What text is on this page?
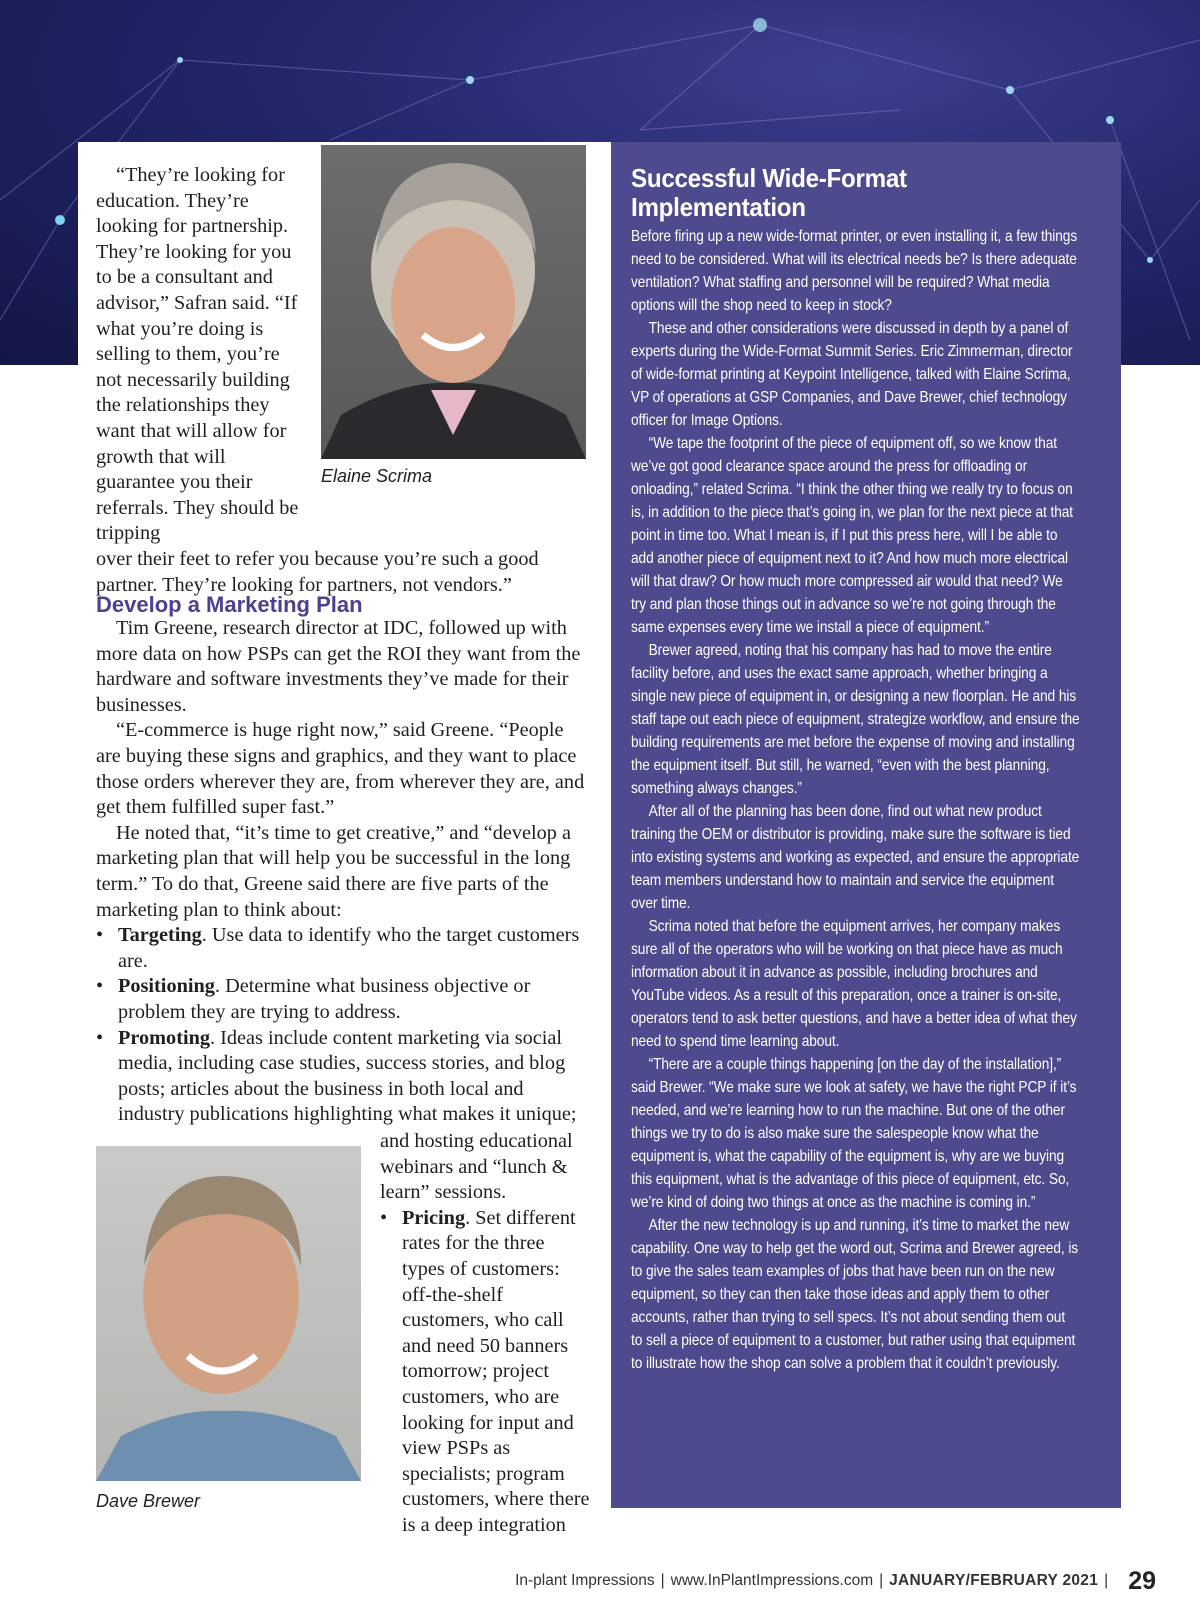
Elaine Scrima

Dave Brewer

“They’re looking for education. They’re looking for partnership. They’re looking for you to be a consultant and advisor,” Safran said. “If what you’re doing is selling to them, you’re not necessarily building the relationships they want that will allow for growth that will guarantee you their referrals. They should be tripping

over their feet to refer you because you’re such a good partner. They’re looking for partners, not vendors.”

Develop a Marketing Plan

Tim Greene, research director at IDC, followed up with more data on how PSPs can get the ROI they want from the hardware and software investments they’ve made for their businesses.

“E-commerce is huge right now,” said Greene. “People are buying these signs and graphics, and they want to place those orders wherever they are, from wherever they are, and get them fulfilled super fast.”

He noted that, “it’s time to get creative,” and “develop a marketing plan that will help you be successful in the long term.” To do that, Greene said there are five parts of the marketing plan to think about:

• Targeting. Use data to identify who the target customers are.
• Positioning. Determine what business objective or problem they are trying to address.
• Promoting. Ideas include content marketing via social media, including case studies, success stories, and blog posts; articles about the business in both local and industry publications highlighting what makes it unique;

and hosting educational webinars and “lunch & learn” sessions.

• Pricing. Set different rates for the three types of customers: off-the-shelf customers, who call and need 50 banners tomorrow; project customers, who are looking for input and view PSPs as specialists; program customers, where there is a deep integration
Successful Wide-Format Implementation

Before firing up a new wide-format printer, or even installing it, a few things need to be considered. What will its electrical needs be? Is there adequate ventilation? What staffing and personnel will be required? What media options will the shop need to keep in stock?

These and other considerations were discussed in depth by a panel of experts during the Wide-Format Summit Series. Eric Zimmerman, director of wide-format printing at Keypoint Intelligence, talked with Elaine Scrima, VP of operations at GSP Companies, and Dave Brewer, chief technology officer for Image Options.

“We tape the footprint of the piece of equipment off, so we know that we’ve got good clearance space around the press for offloading or onloading,” related Scrima. “I think the other thing we really try to focus on is, in addition to the piece that’s going in, we plan for the next piece at that point in time too. What I mean is, if I put this press here, will I be able to add another piece of equipment next to it? And how much more electrical will that draw? Or how much more compressed air would that need? We try and plan those things out in advance so we’re not going through the same expenses every time we install a piece of equipment.”

Brewer agreed, noting that his company has had to move the entire facility before, and uses the exact same approach, whether bringing a single new piece of equipment in, or designing a new floorplan. He and his staff tape out each piece of equipment, strategize workflow, and ensure the building requirements are met before the expense of moving and installing the equipment itself. But still, he warned, “even with the best planning, something always changes.”

After all of the planning has been done, find out what new product training the OEM or distributor is providing, make sure the software is tied into existing systems and working as expected, and ensure the appropriate team members understand how to maintain and service the equipment over time.

Scrima noted that before the equipment arrives, her company makes sure all of the operators who will be working on that piece have as much information about it in advance as possible, including brochures and YouTube videos. As a result of this preparation, once a trainer is on-site, operators tend to ask better questions, and have a better idea of what they need to spend time learning about.

“There are a couple things happening [on the day of the installation],” said Brewer. “We make sure we look at safety, we have the right PCP if it’s needed, and we’re learning how to run the machine. But one of the other things we try to do is also make sure the salespeople know what the equipment is, what the capability of the equipment is, why are we buying this equipment, what is the advantage of this piece of equipment, etc. So, we’re kind of doing two things at once as the machine is coming in.”

After the new technology is up and running, it’s time to market the new capability. One way to help get the word out, Scrima and Brewer agreed, is to give the sales team examples of jobs that have been run on the new equipment, so they can then take those ideas and apply them to other accounts, rather than trying to sell specs. It’s not about sending them out to sell a piece of equipment to a customer, but rather using that equipment to illustrate how the shop can solve a problem that it couldn’t previously.

In-plant Impressions | www.InPlantImpressions.com | JANUARY/FEBRUARY 2021 | 29
